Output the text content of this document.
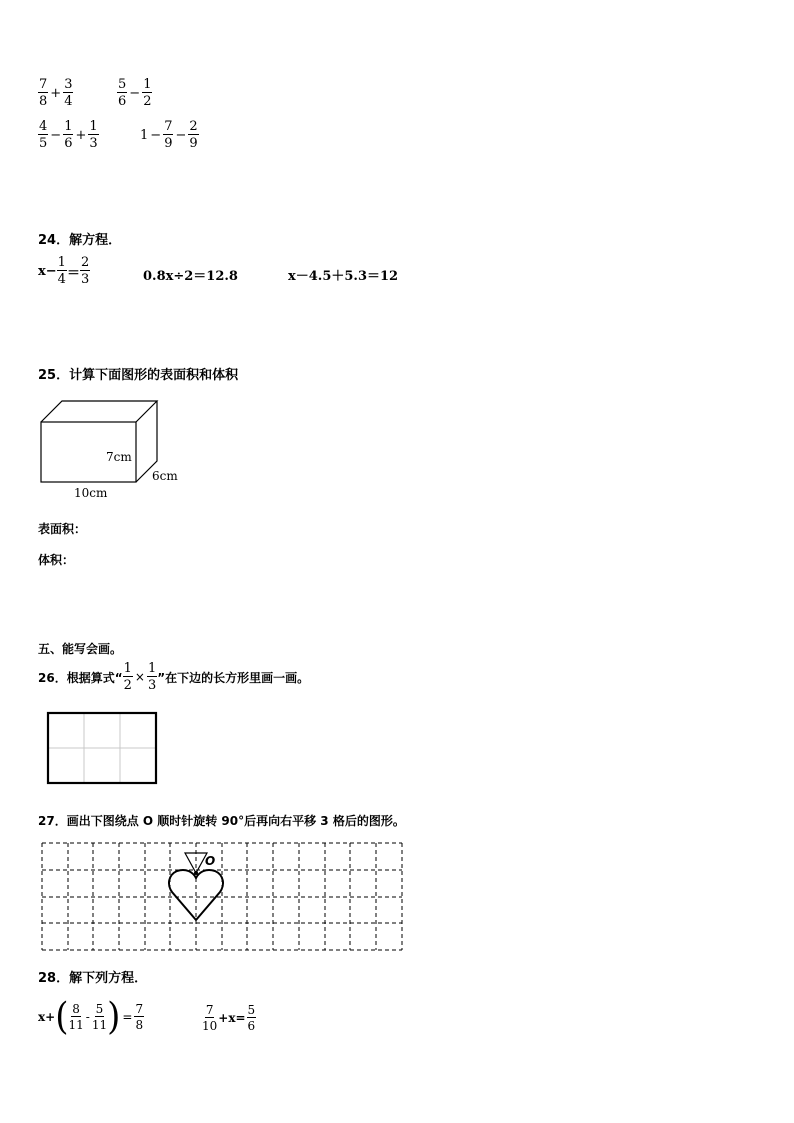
$\frac{7}{8} + \frac{3}{4}$	$\frac{5}{6} - \frac{1}{2}$
$\frac{4}{5} - \frac{1}{6} + \frac{1}{3}$	$1 - \frac{7}{9} - \frac{2}{9}$
24．解方程．
$x- \frac{1}{4} = \frac{2}{3}$	0.8x÷2＝12.8	x－4.5＋5.3＝12
25．计算下面图形的表面积和体积
7cm
6cm
10cm
表面积：
体积：
五、能写会画。
26．根据算式“ $\frac{1}{2} \times \frac{1}{3}$ ”在下边的长方形里画一画。
27．画出下图绕点 O 顺时针旋转 90°后再向右平移 3 格后的图形。
O
28．解下列方程．
x+ ( $\frac{8}{11} - \frac{5}{11}$ ) = $\frac{7}{8}$	$\frac{7}{10} +x= \frac{5}{6}$
